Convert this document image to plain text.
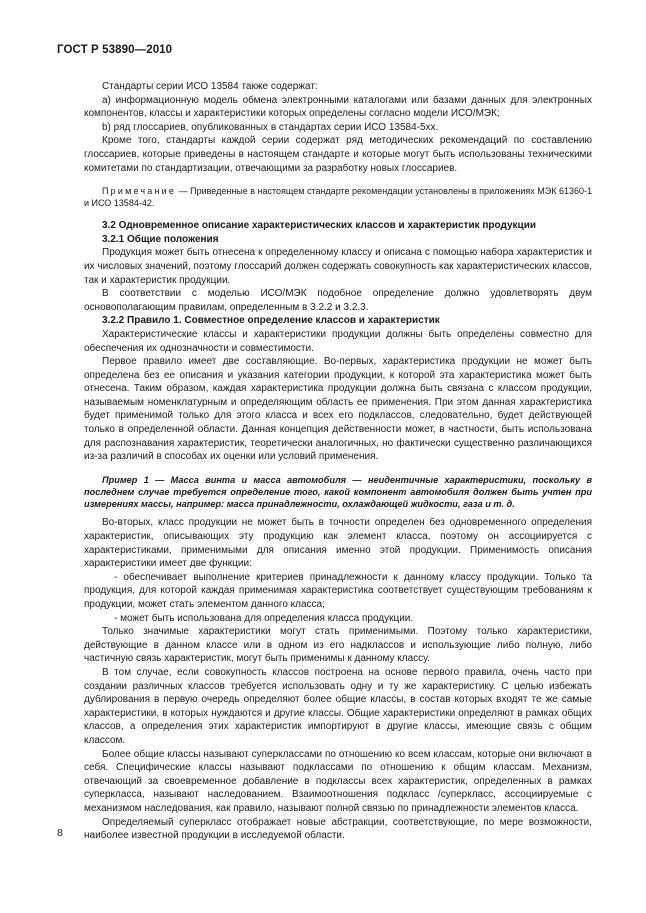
ГОСТ Р 53890—2010

Стандарты серии ИСО 13584 также содержат:

a) информационную модель обмена электронными каталогами или базами данных для электронных компонентов, классы и характеристики которых определены согласно модели ИСО/МЭК;

b) ряд глоссариев, опубликованных в стандартах серии ИСО 13584-5хх.

Кроме того, стандарты каждой серии содержат ряд методических рекомендаций по составлению глоссариев, которые приведены в настоящем стандарте и которые могут быть использованы техническими комитетами по стандартизации, отвечающими за разработку новых глоссариев.

Примечание — Приведенные в настоящем стандарте рекомендации установлены в приложениях МЭК 61360-1 и ИСО 13584-42.

3.2 Одновременное описание характеристических классов и характеристик продукции

3.2.1 Общие положения

Продукция может быть отнесена к определенному классу и описана с помощью набора характеристик и их числовых значений, поэтому глоссарий должен содержать совокупность как характеристических классов, так и характеристик продукции.

В соответствии с моделью ИСО/МЭК подобное определение должно удовлетворять двум основополагающим правилам, определенным в 3.2.2 и 3.2.3.

3.2.2 Правило 1. Совместное определение классов и характеристик

Характеристические классы и характеристики продукции должны быть определены совместно для обеспечения их однозначности и совместимости.

Первое правило имеет две составляющие. Во-первых, характеристика продукции не может быть определена без ее описания и указания категории продукции, к которой эта характеристика может быть отнесена. Таким образом, каждая характеристика продукции должна быть связана с классом продукции, называемым номенклатурным и определяющим область ее применения. При этом данная характеристика будет применимой только для этого класса и всех его подклассов, следовательно, будет действующей только в определенной области. Данная концепция действенности может, в частности, быть использована для распознавания характеристик, теоретически аналогичных, но фактически существенно различающихся из-за различий в способах их оценки или условий применения.

Пример 1 — Масса винта и масса автомобиля — неидентичные характеристики, поскольку в последнем случае требуется определение того, какой компонент автомобиля должен быть учтен при измерениях массы, например: масса принадлежности, охлаждающей жидкости, газа и т. д.

Во-вторых, класс продукции не может быть в точности определен без одновременного определения характеристик, описывающих эту продукцию как элемент класса, поэтому он ассоциируется с характеристиками, применимыми для описания именно этой продукции. Применимость описания характеристики имеет две функции:

- обеспечивает выполнение критериев принадлежности к данному классу продукции. Только та продукция, для которой каждая применимая характеристика соответствует существующим требованиям к продукции, может стать элементом данного класса;

- может быть использована для определения класса продукции.

Только значимые характеристики могут стать применимыми. Поэтому только характеристики, действующие в данном классе или в одном из его надклассов и использующие либо полную, либо частичную связь характеристик, могут быть применимы к данному классу.

В том случае, если совокупность классов построена на основе первого правила, очень часто при создании различных классов требуется использовать одну и ту же характеристику. С целью избежать дублирования в первую очередь определяют более общие классы, в состав которых входят те же самые характеристики, в которых нуждаются и другие классы. Общие характеристики определяют в рамках общих классов, а определения этих характеристик импортируют в другие классы, имеющие связь с общим классом.

Более общие классы называют суперклассами по отношению ко всем классам, которые они включают в себя. Специфические классы называют подклассами по отношению к общим классам. Механизм, отвечающий за своевременное добавление в подклассы всех характеристик, определенных в рамках суперкласса, называют наследованием. Взаимоотношения подкласс /суперкласс, ассоциируемые с механизмом наследования, как правило, называют полной связью по принадлежности элементов класса.

Определяемый суперкласс отображает новые абстракции, соответствующие, по мере возможности, наиболее известной продукции в исследуемой области.

8
